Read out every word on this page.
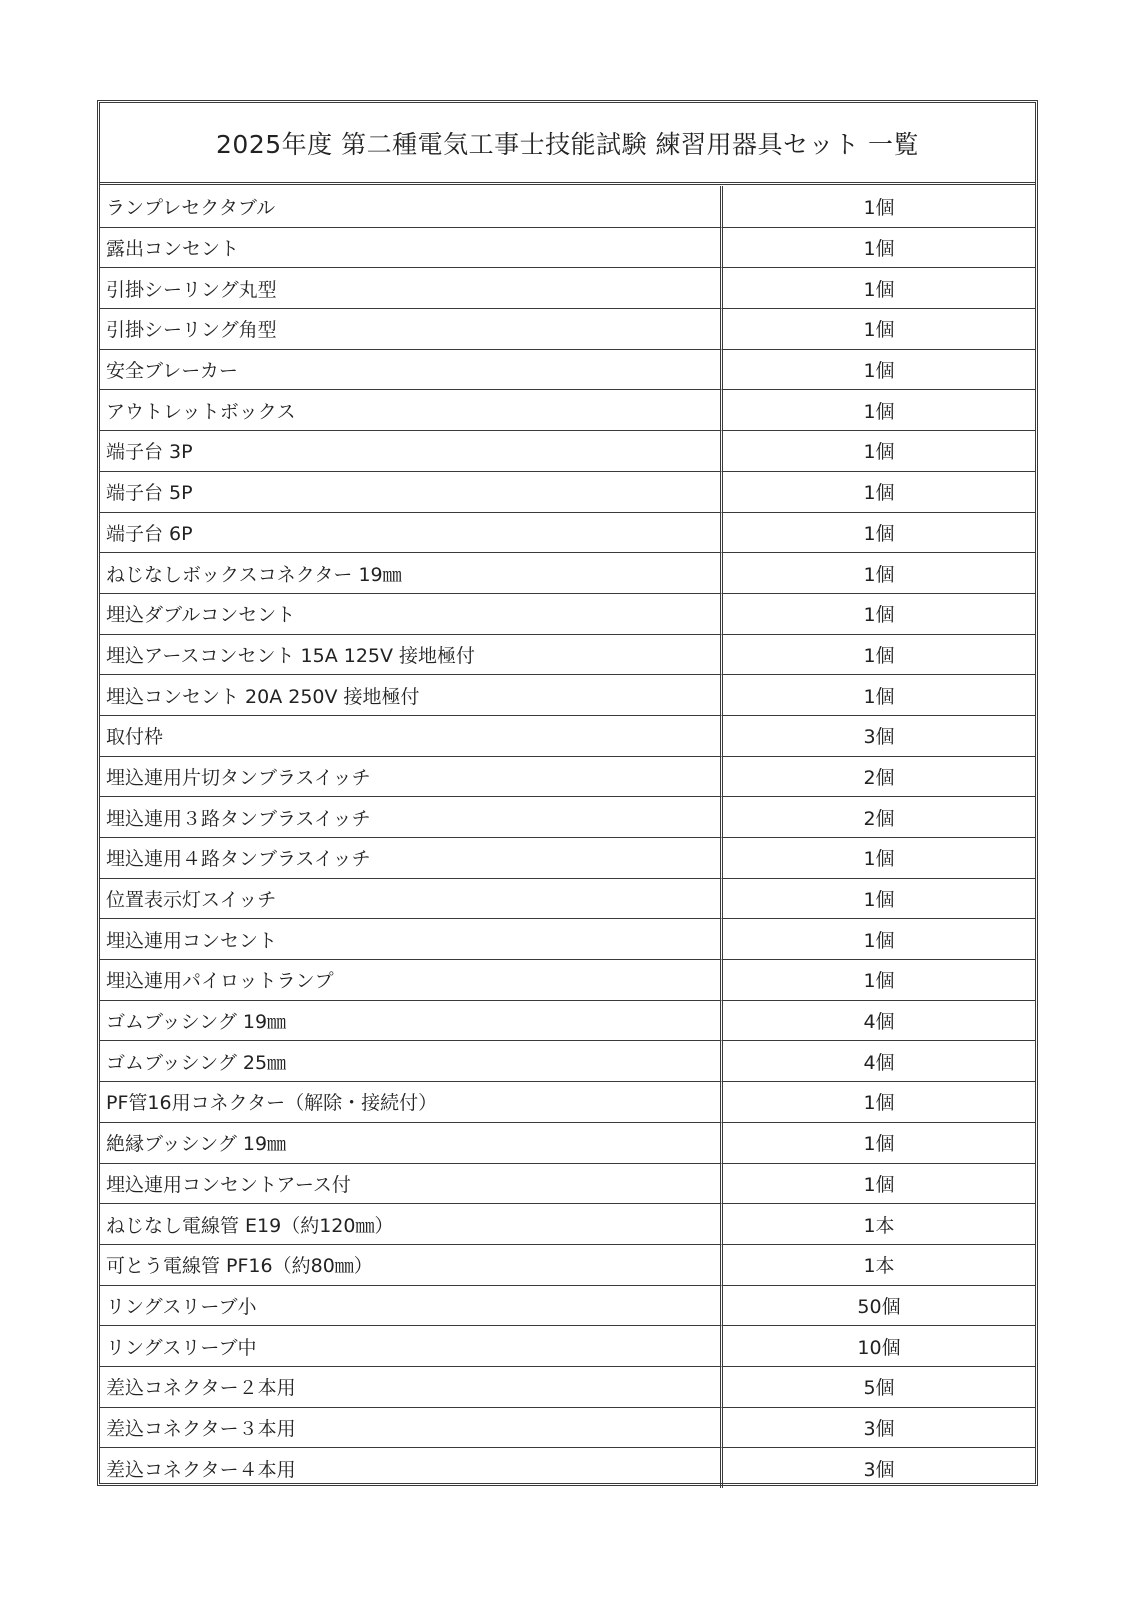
2025年度 第二種電気工事士技能試験 練習用器具セット 一覧
ランプレセクタブル	1個
露出コンセント	1個
引掛シーリング丸型	1個
引掛シーリング角型	1個
安全ブレーカー	1個
アウトレットボックス	1個
端子台 3P	1個
端子台 5P	1個
端子台 6P	1個
ねじなしボックスコネクター 19㎜	1個
埋込ダブルコンセント	1個
埋込アースコンセント 15A 125V 接地極付	1個
埋込コンセント 20A 250V 接地極付	1個
取付枠	3個
埋込連用片切タンブラスイッチ	2個
埋込連用３路タンブラスイッチ	2個
埋込連用４路タンブラスイッチ	1個
位置表示灯スイッチ	1個
埋込連用コンセント	1個
埋込連用パイロットランプ	1個
ゴムブッシング 19㎜	4個
ゴムブッシング 25㎜	4個
PF管16用コネクター（解除・接続付）	1個
絶縁ブッシング 19㎜	1個
埋込連用コンセントアース付	1個
ねじなし電線管 E19（約120㎜）	1本
可とう電線管 PF16（約80㎜）	1本
リングスリーブ小	50個
リングスリーブ中	10個
差込コネクター２本用	5個
差込コネクター３本用	3個
差込コネクター４本用	3個
